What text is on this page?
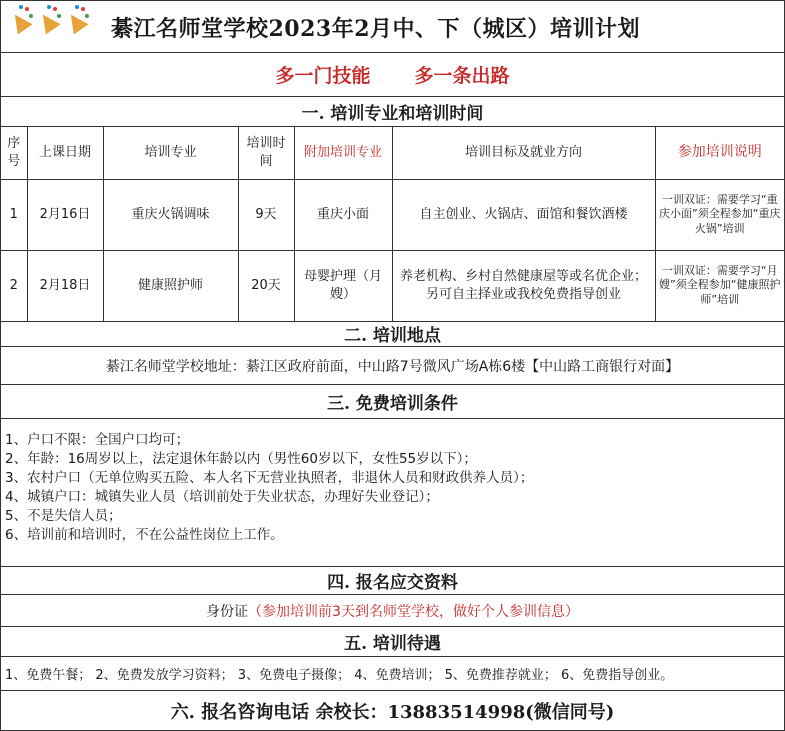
綦江名师堂学校2023年2月中、下（城区）培训计划
多一门技能 多一条出路
一. 培训专业和培训时间
序号	上课日期	培训专业	培训时间	附加培训专业	培训目标及就业方向	参加培训说明
1	2月16日	重庆火锅调味	9天	重庆小面	自主创业、火锅店、面馆和餐饮酒楼	一训双证：需要学习“重庆小面”须全程参加“重庆火锅”培训
2	2月18日	健康照护师	20天	母婴护理（月嫂）	养老机构、乡村自然健康屋等或名优企业；另可自主择业或我校免费指导创业	一训双证：需要学习“月嫂”须全程参加“健康照护师”培训
二. 培训地点
綦江名师堂学校地址：綦江区政府前面，中山路7号微风广场A栋6楼【中山路工商银行对面】
三. 免费培训条件
1、户口不限：全国户口均可；
2、年龄：16周岁以上，法定退休年龄以内（男性60岁以下，女性55岁以下）；
3、农村户口（无单位购买五险、本人名下无营业执照者，非退休人员和财政供养人员）；
4、城镇户口：城镇失业人员（培训前处于失业状态，办理好失业登记）；
5、不是失信人员；
6、培训前和培训时，不在公益性岗位上工作。
四. 报名应交资料
身份证 （参加培训前3天到名师堂学校，做好个人参训信息）
五. 培训待遇
1、免费午餐； 2、免费发放学习资料； 3、免费电子摄像； 4、免费培训； 5、免费推荐就业； 6、免费指导创业。
六. 报名咨询电话 余校长：13883514998(微信同号)
